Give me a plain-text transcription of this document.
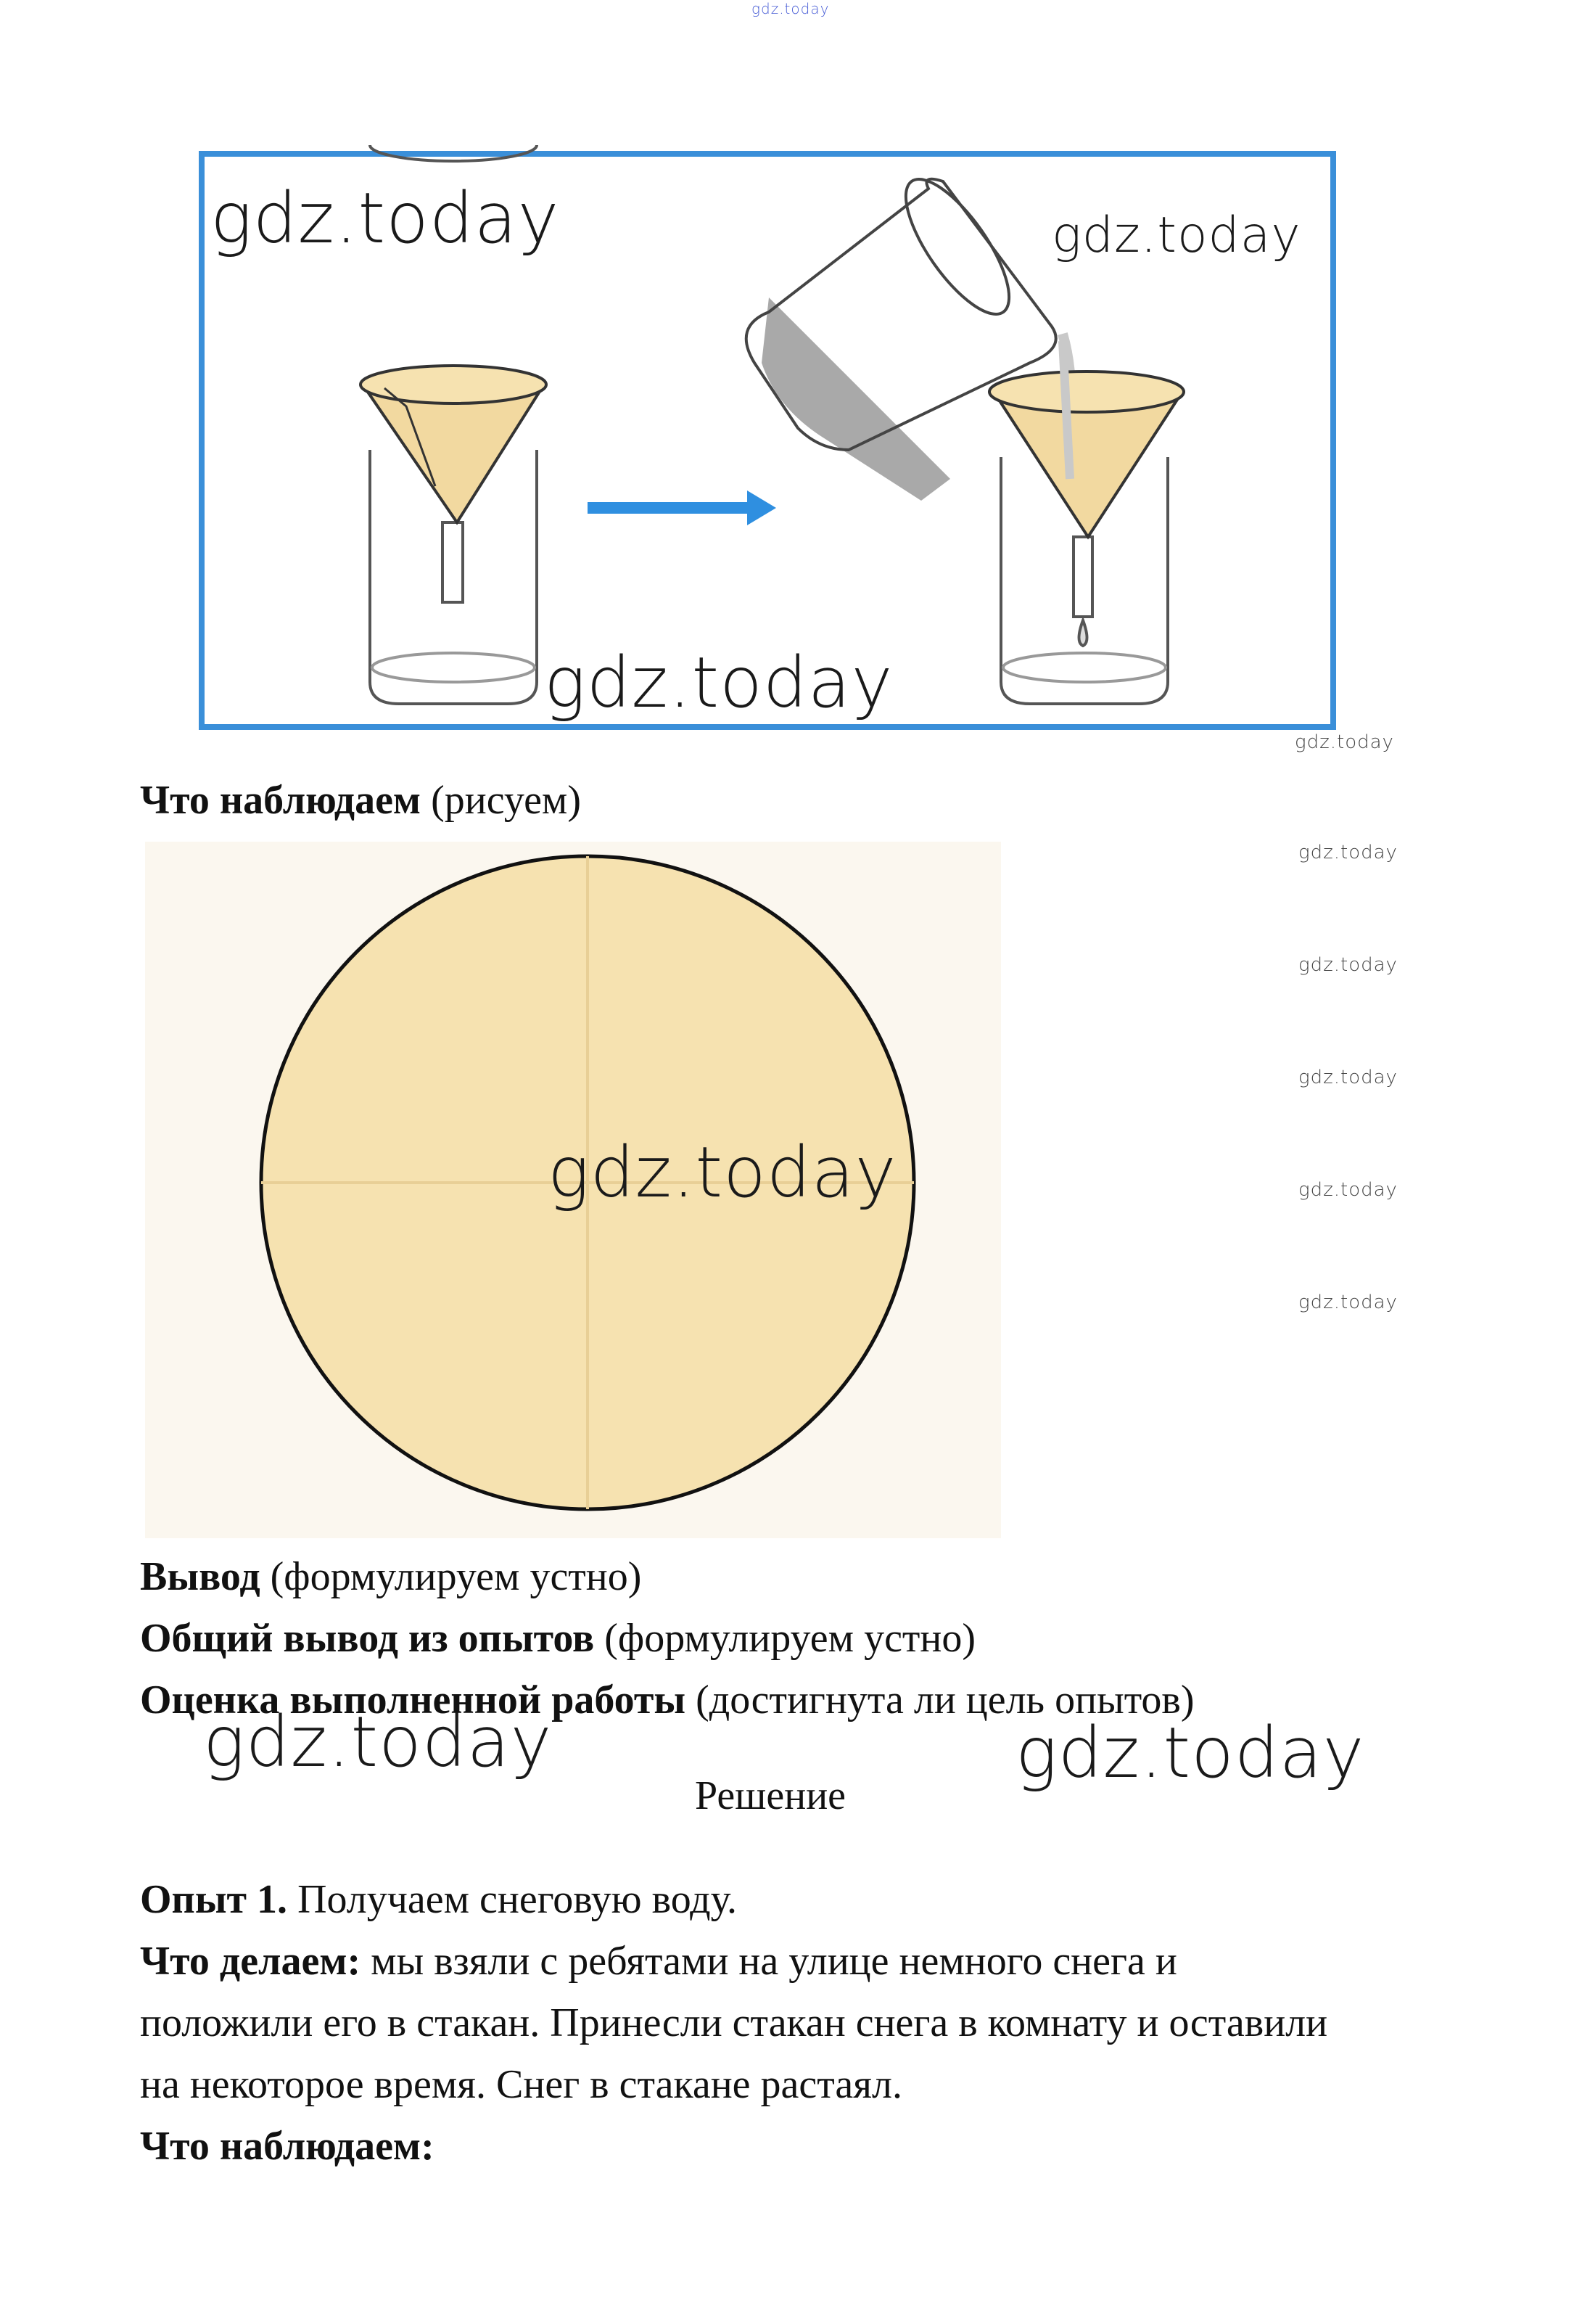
gdz.today
gdz.today	gdz.today
gdz.today
gdz.today
Что наблюдаем (рисуем)
gdz.today
gdz.today
gdz.today
gdz.today
gdz.today
gdz.today
Вывод (формулируем устно)
Общий вывод из опытов (формулируем устно)
Оценка выполненной работы (достигнута ли цель опытов)
gdz.today	gdz.today
Решение
Опыт 1. Получаем снеговую воду.
Что делаем: мы взяли с ребятами на улице немного снега и
положили его в стакан. Принесли стакан снега в комнату и оставили
на некоторое время. Снег в стакане растаял.
Что наблюдаем:
